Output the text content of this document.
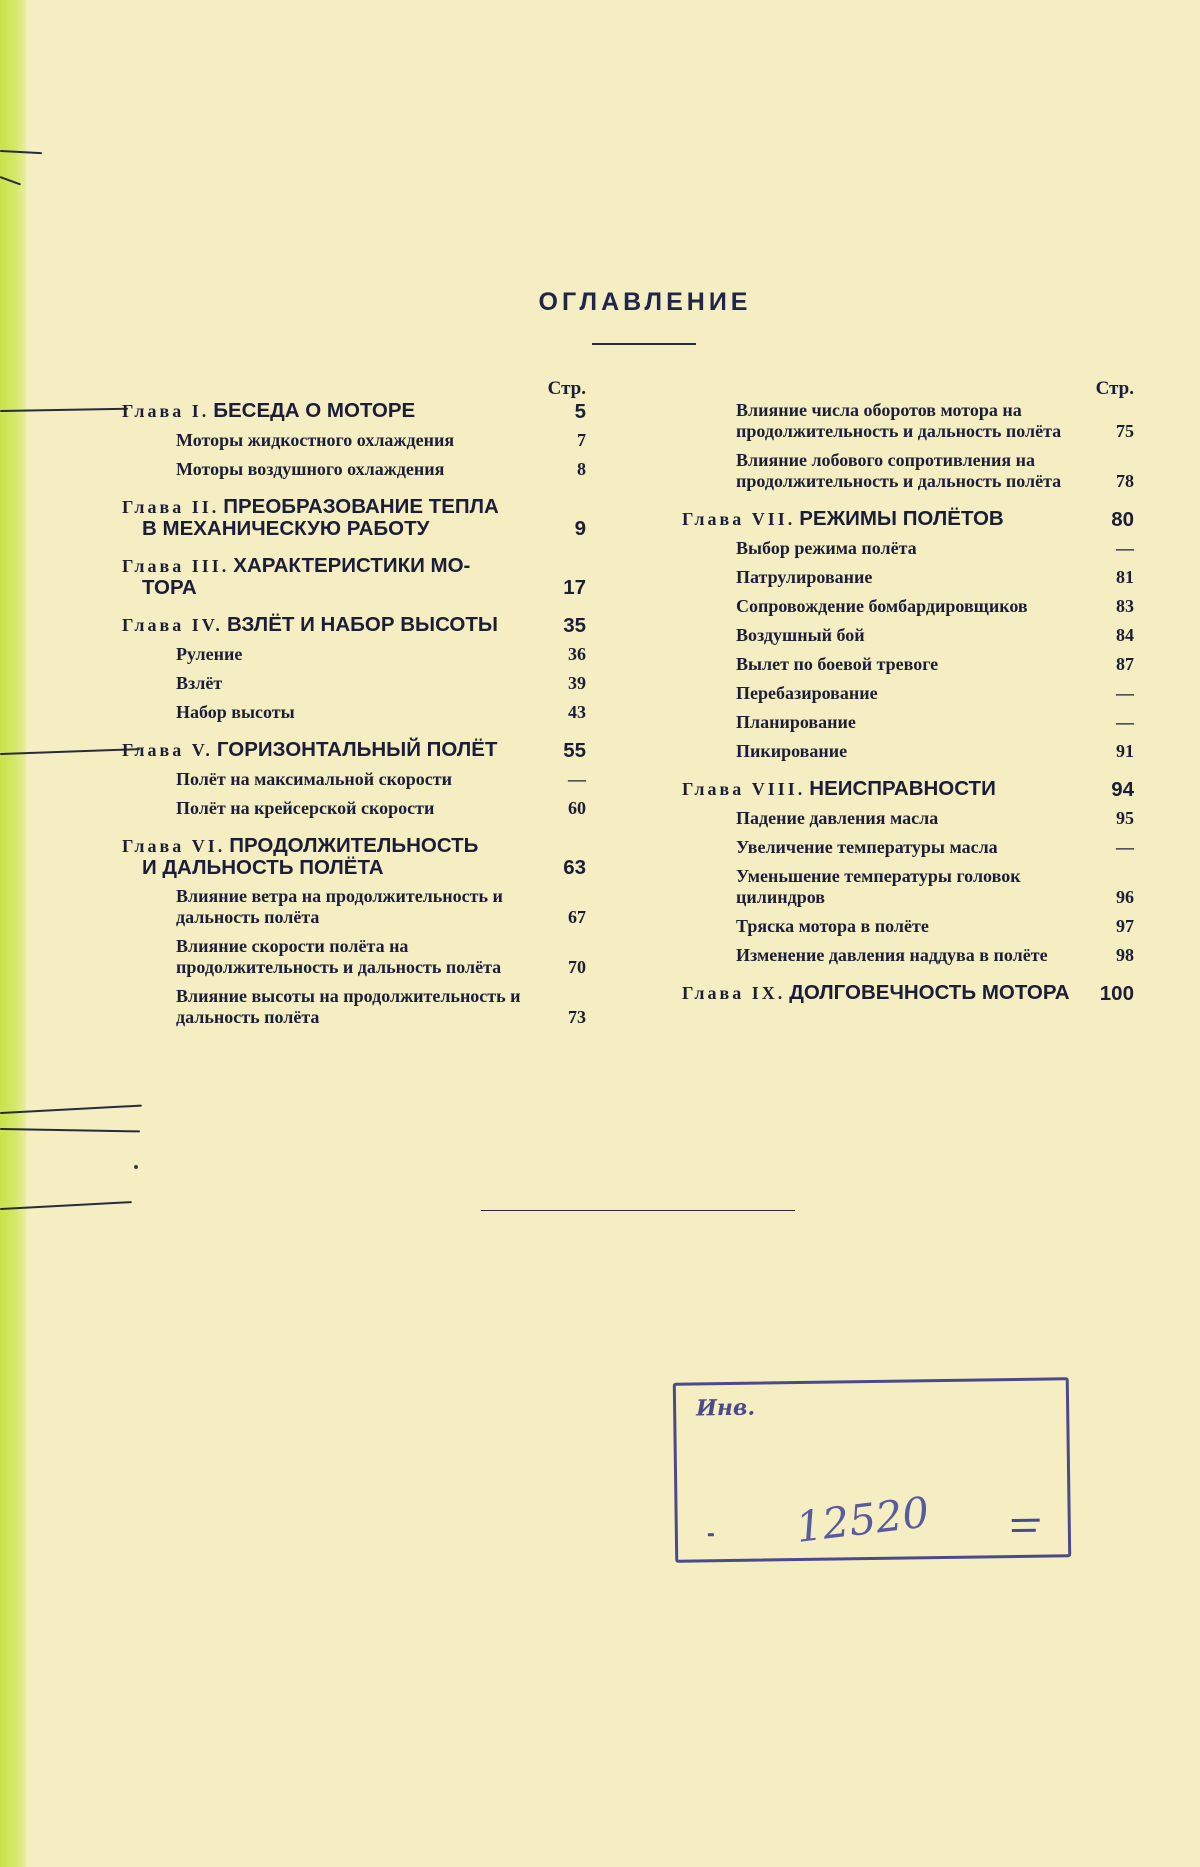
ОГЛАВЛЕНИЕ
Стр.
Глава I. БЕСЕДА О МОТОРЕ	5
Моторы жидкостного охлаждения	7
Моторы воздушного охлаждения	8
Глава II. ПРЕОБРАЗОВАНИЕ ТЕПЛА
В МЕХАНИЧЕСКУЮ РАБОТУ	9
Глава III. ХАРАКТЕРИСТИКИ МО-
ТОРА	17
Глава IV. ВЗЛЁТ И НАБОР ВЫСОТЫ	35
Руление	36
Взлёт	39
Набор высоты	43
Глава V. ГОРИЗОНТАЛЬНЫЙ ПОЛЁТ	55
Полёт на максимальной скорости	—
Полёт на крейсерской скорости	60
Глава VI. ПРОДОЛЖИТЕЛЬНОСТЬ
И ДАЛЬНОСТЬ ПОЛЁТА	63
Влияние ветра на продолжительность и дальность полёта	67
Влияние скорости полёта на продолжительность и дальность полёта	70
Влияние высоты на продолжительность и дальность полёта	73
Стр.
Влияние числа оборотов мотора на продолжительность и дальность полёта	75
Влияние лобового сопротивления на продолжительность и дальность полёта	78
Глава VII. РЕЖИМЫ ПОЛЁТОВ	80
Выбор режима полёта	—
Патрулирование	81
Сопровождение бомбардировщиков	83
Воздушный бой	84
Вылет по боевой тревоге	87
Перебазирование	—
Планирование	—
Пикирование	91
Глава VIII. НЕИСПРАВНОСТИ	94
Падение давления масла	95
Увеличение температуры масла	—
Уменьшение температуры головок цилиндров	96
Тряска мотора в полёте	97
Изменение давления наддува в полёте	98
Глава IX. ДОЛГОВЕЧНОСТЬ МОТОРА	100
Инв.
12520
